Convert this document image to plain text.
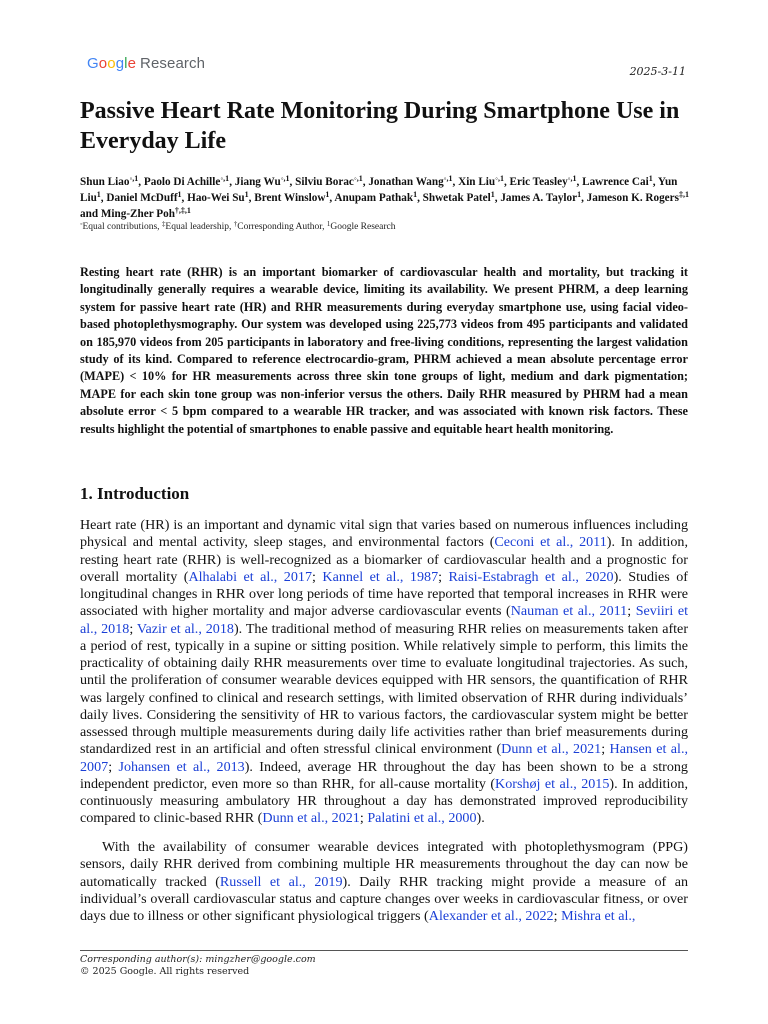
Google Research	2025-3-11
Passive Heart Rate Monitoring During Smartphone Use in Everyday Life

Shun Liao$^{◦,1}$, Paolo Di Achille$^{◦,1}$, Jiang $Wu^{◦,1}$, Silviu Borac$^{◦,1}$, Jonathan Wang$^{◦,1}$, Xin Liu$^{◦,1}$, Eric Teasley$^{◦,1}$, Lawrence Cai$^1$, Yun Liu$^1$, Daniel McDuff$^1$, Hao-Wei Su$^1$, Brent Winslow$^1$, Anupam Pathak$^1$, Shwetak Patel$^1$, James A. Taylor$^1$, Jameson K. Rogers$^{\ddagger,1}$ and Ming-Zher Poh$^{\dagger,\ddagger,1}$

◦Equal contributions, ‡Equal leadership, †Corresponding Author, $^1$Google Research

Resting heart rate (RHR) is an important biomarker of cardiovascular health and mortality, but tracking it longitudinally generally requires a wearable device, limiting its availability. We present PHRM, a deep learning system for passive heart rate (HR) and RHR measurements during everyday smartphone use, using facial video-based photoplethysmography. Our system was developed using 225,773 videos from 495 participants and validated on 185,970 videos from 205 participants in laboratory and free-living conditions, representing the largest validation study of its kind. Compared to reference electrocardio-gram, PHRM achieved a mean absolute percentage error (MAPE) < 10% for HR measurements across three skin tone groups of light, medium and dark pigmentation; MAPE for each skin tone group was non-inferior versus the others. Daily RHR measured by PHRM had a mean absolute error < 5 bpm compared to a wearable HR tracker, and was associated with known risk factors. These results highlight the potential of smartphones to enable passive and equitable heart health monitoring.

1. Introduction

Heart rate (HR) is an important and dynamic vital sign that varies based on numerous influences including physical and mental activity, sleep stages, and environmental factors (Ceconi et al., 2011). In addition, resting heart rate (RHR) is well-recognized as a biomarker of cardiovascular health and a prognostic for overall mortality (Alhalabi et al., 2017; Kannel et al., 1987; Raisi-Estabragh et al., 2020). Studies of longitudinal changes in RHR over long periods of time have reported that temporal increases in RHR were associated with higher mortality and major adverse cardiovascular events (Nauman et al., 2011; Seviiri et al., 2018; Vazir et al., 2018). The traditional method of measuring RHR relies on measurements taken after a period of rest, typically in a supine or sitting position. While relatively simple to perform, this limits the practicality of obtaining daily RHR measurements over time to evaluate longitudinal trajectories. As such, until the proliferation of consumer wearable devices equipped with HR sensors, the quantification of RHR was largely confined to clinical and research settings, with limited observation of RHR during individuals’ daily lives. Considering the sensitivity of HR to various factors, the cardiovascular system might be better assessed through multiple measurements during daily life activities rather than brief measurements during standardized rest in an artificial and often stressful clinical environment (Dunn et al., 2021; Hansen et al., 2007; Johansen et al., 2013). Indeed, average HR throughout the day has been shown to be a strong independent predictor, even more so than RHR, for all-cause mortality (Korshøj et al., 2015). In addition, continuously measuring ambulatory HR throughout a day has demonstrated improved reproducibility compared to clinic-based RHR (Dunn et al., 2021; Palatini et al., 2000).

With the availability of consumer wearable devices integrated with photoplethysmogram (PPG) sensors, daily RHR derived from combining multiple HR measurements throughout the day can now be automatically tracked (Russell et al., 2019). Daily RHR tracking might provide a measure of an individual’s overall cardiovascular status and capture changes over weeks in cardiovascular fitness, or over days due to illness or other significant physiological triggers (Alexander et al., 2022; Mishra et al.,

Corresponding author(s): mingzher@google.com
© 2025 Google. All rights reserved
